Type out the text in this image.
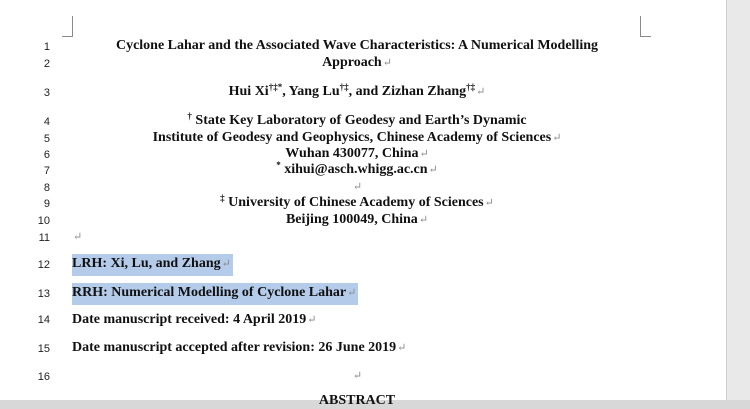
1
2
3
4
5
6
7
8
9
10
11
12
13
14
15
16
Cyclone Lahar and the Associated Wave Characteristics: A Numerical Modelling
Approach↵
Hui Xi†‡*, Yang Lu†‡, and Zizhan Zhang†‡↵
† State Key Laboratory of Geodesy and Earth’s Dynamic
Institute of Geodesy and Geophysics, Chinese Academy of Sciences↵
Wuhan 430077, China↵
* xihui@asch.whigg.ac.cn↵
↵
‡ University of Chinese Academy of Sciences↵
Beijing 100049, China↵
↵
LRH: Xi, Lu, and Zhang↵
RRH: Numerical Modelling of Cyclone Lahar↵
Date manuscript received: 4 April 2019↵
Date manuscript accepted after revision: 26 June 2019↵
↵
ABSTRACT
